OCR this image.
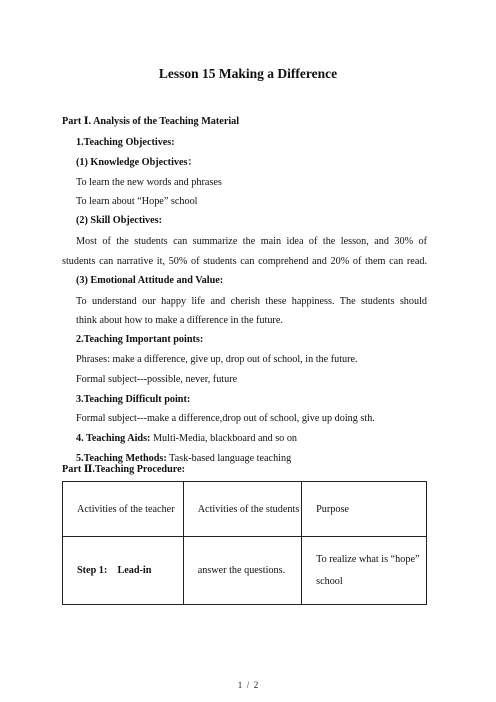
Lesson 15 Making a Difference
Part Ⅰ. Analysis of the Teaching Material
1.Teaching Objectives:
(1) Knowledge Objectives：
To learn the new words and phrases
To learn about “Hope” school
(2) Skill Objectives:
Most of the students can summarize the main idea of the lesson, and 30% of
students can narrative it, 50% of students can comprehend and 20% of them can read.
(3) Emotional Attitude and Value:
To understand our happy life and cherish these happiness. The students should
think about how to make a difference in the future.
2.Teaching Important points:
Phrases: make a difference, give up, drop out of school, in the future.
Formal subject---possible, never, future
3.Teaching Difficult point:
Formal subject---make a difference,drop out of school, give up doing sth.
4. Teaching Aids: Multi-Media, blackboard and so on
5.Teaching Methods: Task-based language teaching
Part Ⅱ.Teaching Procedure:
Activities of the teacher	Activities of the students	Purpose
Step 1:    Lead-in	answer the questions.	To realize what is “hope”
school
1  /  2
